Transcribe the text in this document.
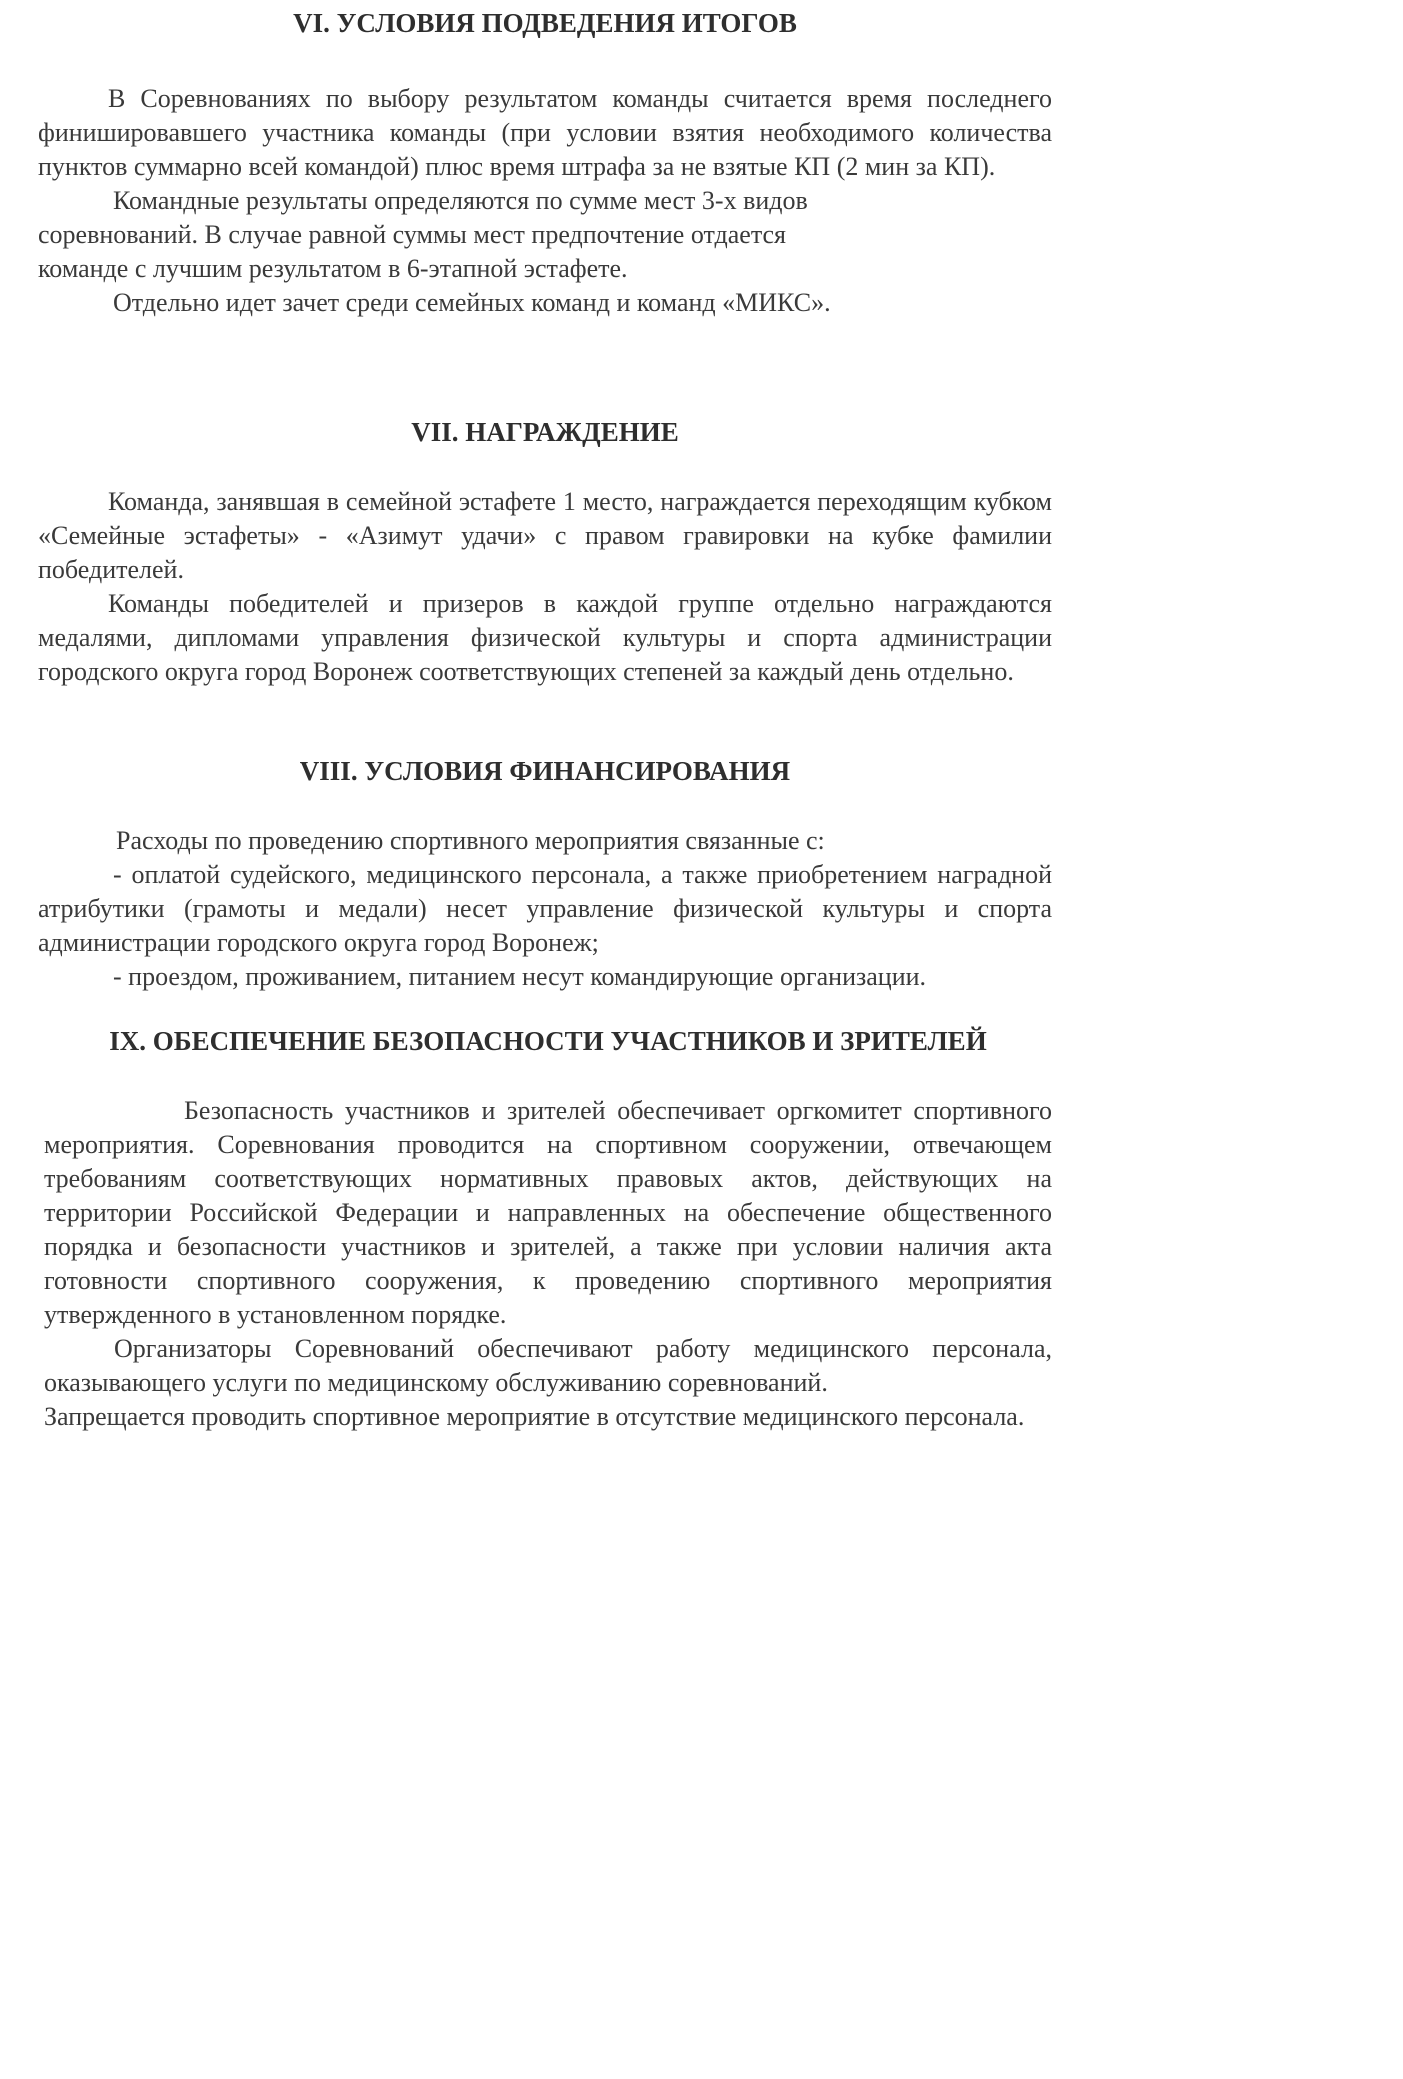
VI. УСЛОВИЯ ПОДВЕДЕНИЯ ИТОГОВ

В Соревнованиях по выбору результатом команды считается время последнего финишировавшего участника команды (при условии взятия необходимого количества пунктов суммарно всей командой) плюс время штрафа за не взятые КП (2 мин за КП).

Командные результаты определяются по сумме мест 3-х видов

соревнований. В случае равной суммы мест предпочтение отдается

команде с лучшим результатом в 6-этапной эстафете.

Отдельно идет зачет среди семейных команд и команд «МИКС».

VII. НАГРАЖДЕНИЕ

Команда, занявшая в семейной эстафете 1 место, награждается переходящим кубком «Семейные эстафеты» - «Азимут удачи» с правом гравировки на кубке фамилии победителей.

Команды победителей и призеров в каждой группе отдельно награждаются медалями, дипломами управления физической культуры и спорта администрации городского округа город Воронеж соответствующих степеней за каждый день отдельно.

VIII. УСЛОВИЯ ФИНАНСИРОВАНИЯ

Расходы по проведению спортивного мероприятия связанные с:

- оплатой судейского, медицинского персонала, а также приобретением наградной атрибутики (грамоты и медали) несет управление физической культуры и спорта администрации городского округа город Воронеж;

- проездом, проживанием, питанием несут командирующие организации.

IX. ОБЕСПЕЧЕНИЕ БЕЗОПАСНОСТИ УЧАСТНИКОВ И ЗРИТЕЛЕЙ

Безопасность участников и зрителей обеспечивает оргкомитет спортивного мероприятия. Соревнования проводится на спортивном сооружении, отвечающем требованиям соответствующих нормативных правовых актов, действующих на территории Российской Федерации и направленных на обеспечение общественного порядка и безопасности участников и зрителей, а также при условии наличия акта готовности спортивного сооружения, к проведению спортивного мероприятия утвержденного в установленном порядке.

Организаторы Соревнований обеспечивают работу медицинского персонала, оказывающего услуги по медицинскому обслуживанию соревнований.

Запрещается проводить спортивное мероприятие в отсутствие медицинского персонала.
